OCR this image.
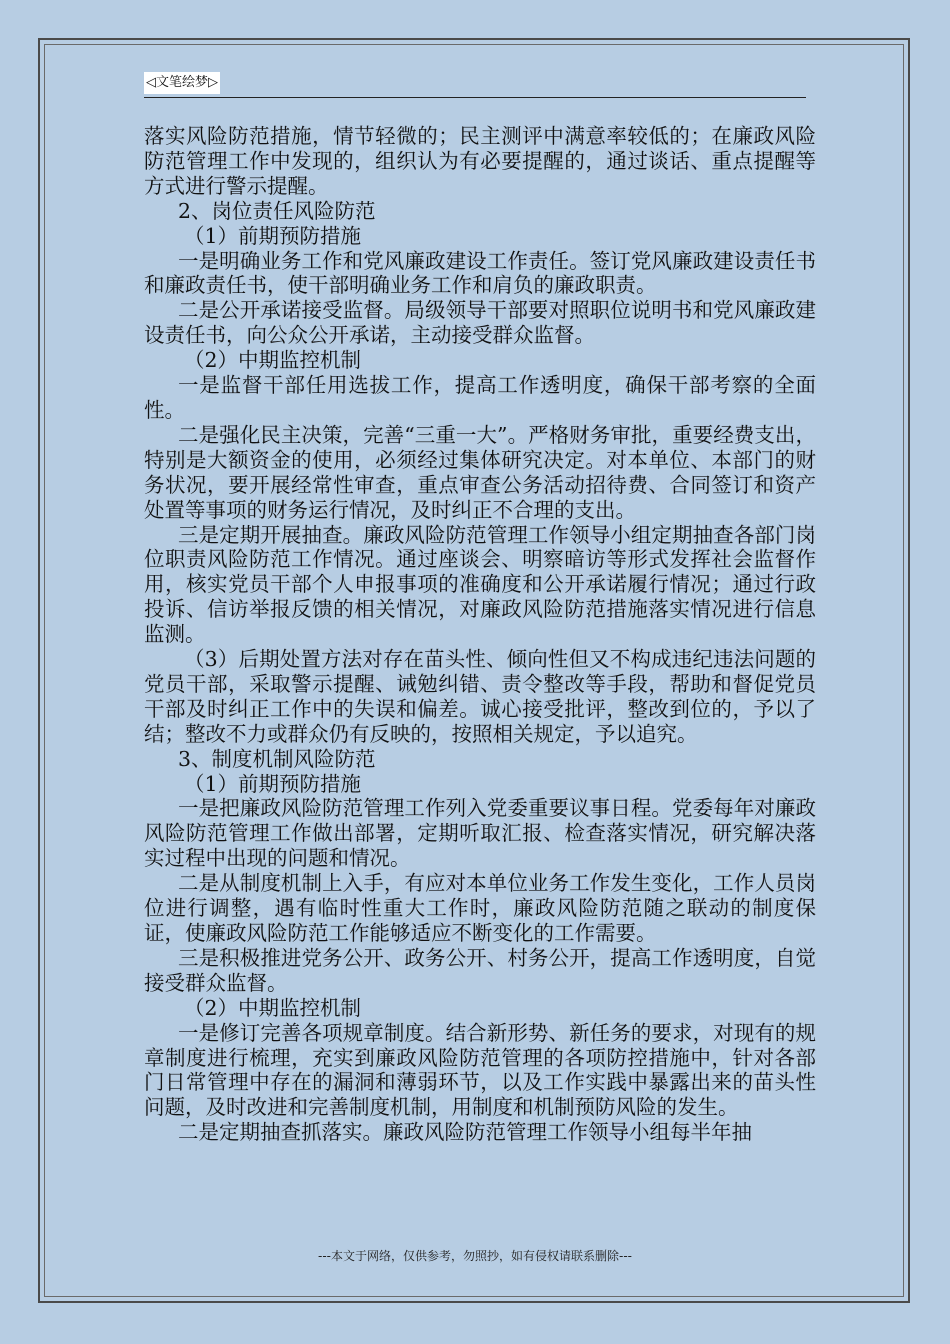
◁文笔绘梦▷

落实风险防范措施，情节轻微的；民主测评中满意率较低的；在廉政风险防范管理工作中发现的，组织认为有必要提醒的，通过谈话、重点提醒等方式进行警示提醒。

2、岗位责任风险防范

（1）前期预防措施

一是明确业务工作和党风廉政建设工作责任。签订党风廉政建设责任书和廉政责任书，使干部明确业务工作和肩负的廉政职责。

二是公开承诺接受监督。局级领导干部要对照职位说明书和党风廉政建设责任书，向公众公开承诺，主动接受群众监督。

（2）中期监控机制

一是监督干部任用选拔工作，提高工作透明度，确保干部考察的全面性。

二是强化民主决策，完善“三重一大”。严格财务审批，重要经费支出，特别是大额资金的使用，必须经过集体研究决定。对本单位、本部门的财务状况，要开展经常性审查，重点审查公务活动招待费、合同签订和资产处置等事项的财务运行情况，及时纠正不合理的支出。

三是定期开展抽查。廉政风险防范管理工作领导小组定期抽查各部门岗位职责风险防范工作情况。通过座谈会、明察暗访等形式发挥社会监督作用，核实党员干部个人申报事项的准确度和公开承诺履行情况；通过行政投诉、信访举报反馈的相关情况，对廉政风险防范措施落实情况进行信息监测。

（3）后期处置方法对存在苗头性、倾向性但又不构成违纪违法问题的党员干部，采取警示提醒、诫勉纠错、责令整改等手段，帮助和督促党员干部及时纠正工作中的失误和偏差。诚心接受批评，整改到位的，予以了结；整改不力或群众仍有反映的，按照相关规定，予以追究。

3、制度机制风险防范

（1）前期预防措施

一是把廉政风险防范管理工作列入党委重要议事日程。党委每年对廉政风险防范管理工作做出部署，定期听取汇报、检查落实情况，研究解决落实过程中出现的问题和情况。

二是从制度机制上入手，有应对本单位业务工作发生变化，工作人员岗位进行调整，遇有临时性重大工作时，廉政风险防范随之联动的制度保证，使廉政风险防范工作能够适应不断变化的工作需要。

三是积极推进党务公开、政务公开、村务公开，提高工作透明度，自觉接受群众监督。

（2）中期监控机制

一是修订完善各项规章制度。结合新形势、新任务的要求，对现有的规章制度进行梳理，充实到廉政风险防范管理的各项防控措施中，针对各部门日常管理中存在的漏洞和薄弱环节，以及工作实践中暴露出来的苗头性问题，及时改进和完善制度机制，用制度和机制预防风险的发生。

二是定期抽查抓落实。廉政风险防范管理工作领导小组每半年抽

---本文于网络，仅供参考，勿照抄，如有侵权请联系删除---
